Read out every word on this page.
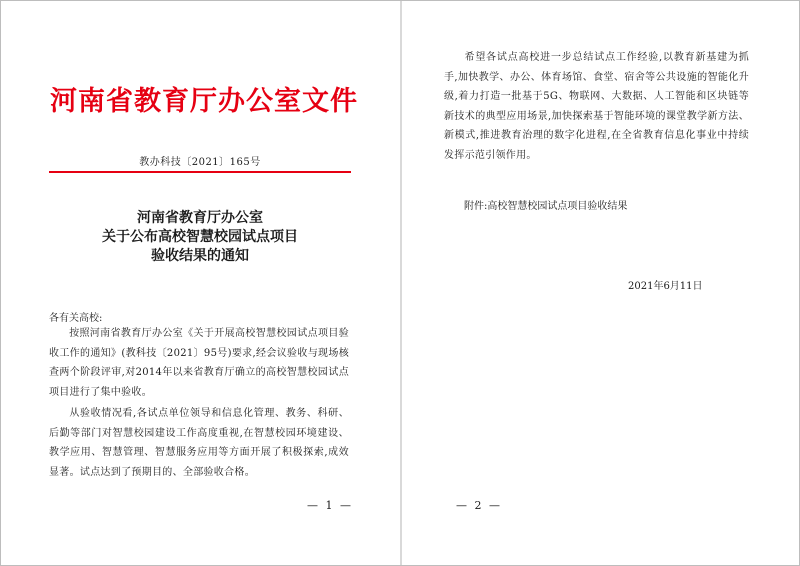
河南省教育厅办公室文件
教办科技〔2021〕165号
河南省教育厅办公室
关于公布高校智慧校园试点项目
验收结果的通知
各有关高校:
按照河南省教育厅办公室《关于开展高校智慧校园试点项目验收工作的通知》(教科技〔2021〕95号)要求,经会议验收与现场核查两个阶段评审,对2014年以来省教育厅确立的高校智慧校园试点项目进行了集中验收。
从验收情况看,各试点单位领导和信息化管理、教务、科研、后勤等部门对智慧校园建设工作高度重视,在智慧校园环境建设、教学应用、智慧管理、智慧服务应用等方面开展了积极探索,成效显著。试点达到了预期目的、全部验收合格。
— 1 —
希望各试点高校进一步总结试点工作经验,以教育新基建为抓手,加快教学、办公、体育场馆、食堂、宿舍等公共设施的智能化升级,着力打造一批基于5G、物联网、大数据、人工智能和区块链等新技术的典型应用场景,加快探索基于智能环境的课堂教学新方法、新模式,推进教育治理的数字化进程,在全省教育信息化事业中持续发挥示范引领作用。
附件:高校智慧校园试点项目验收结果
2021年6月11日
— 2 —
